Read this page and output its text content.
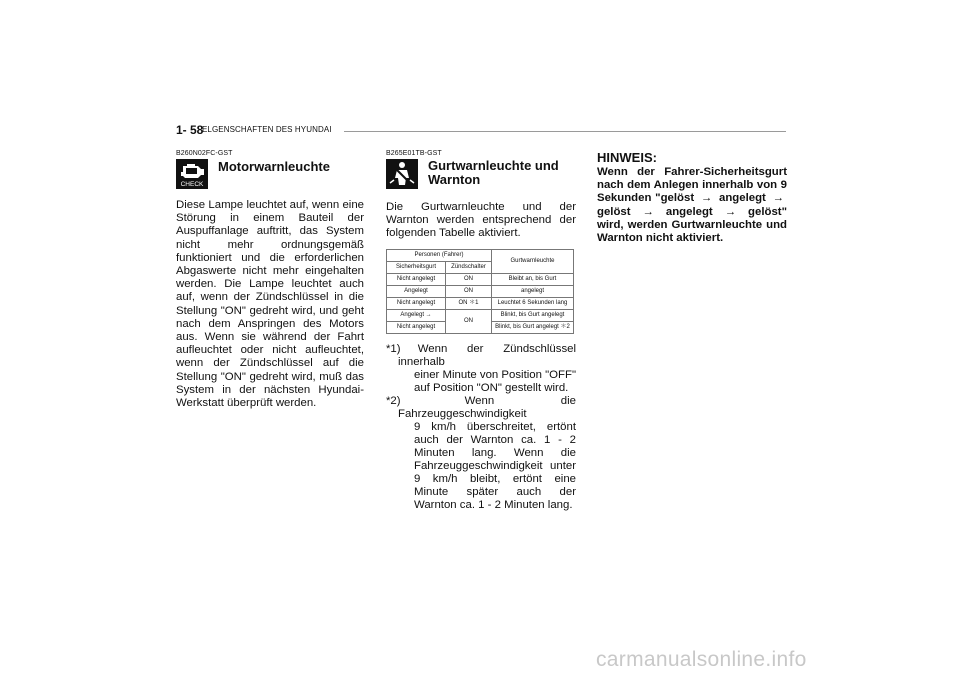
1- 58
ELGENSCHAFTEN DES HYUNDAI
B260N02FC-GST
CHECK
Motorwarnleuchte
Diese Lampe leuchtet auf, wenn eine Störung in einem Bauteil der Auspuffanlage auftritt, das System nicht mehr ordnungsgemäß funktioniert und die erforderlichen Abgaswerte nicht mehr eingehalten werden. Die Lampe leuchtet auch auf, wenn der Zündschlüssel in die Stellung "ON" gedreht wird, und geht nach dem Anspringen des Motors aus. Wenn sie während der Fahrt aufleuchtet oder nicht aufleuchtet, wenn der Zündschlüssel auf die Stellung "ON" gedreht wird, muß das System in der nächsten Hyundai-Werkstatt überprüft werden.
B265E01TB-GST
Gurtwarnleuchte und
Warnton
Die Gurtwarnleuchte und der Warnton werden entsprechend der folgenden Tabelle aktiviert.
Personen (Fahrer)		Gurtwarnleuchte
Sicherheitsgurt	Zündschalter	
Nicht angelegt	ON	Bleibt an, bis Gurt
Angelegt	ON	angelegt
Nicht angelegt	ON ＊1	Leuchtet 6 Sekunden lang
Angelegt →	ON	Blinkt, bis Gurt angelegt
Nicht angelegt		Blinkt, bis Gurt angelegt ＊2
*1) Wenn der Zündschlüssel innerhalb
einer Minute von Position "OFF" auf Position "ON" gestellt wird.
*2)	Wenn die Fahrzeuggeschwindigkeit
9 km/h überschreitet, ertönt auch der Warnton ca. 1 - 2 Minuten lang. Wenn die Fahrzeuggeschwindigkeit unter 9 km/h bleibt, ertönt eine Minute später auch der Warnton ca. 1 - 2 Minuten lang.
HINWEIS:
Wenn der Fahrer-Sicherheitsgurt nach dem Anlegen innerhalb von 9 Sekunden "gelöst → angelegt → gelöst → angelegt → gelöst" wird, werden Gurtwarnleuchte und Warnton nicht aktiviert.
carmanualsonline.info
